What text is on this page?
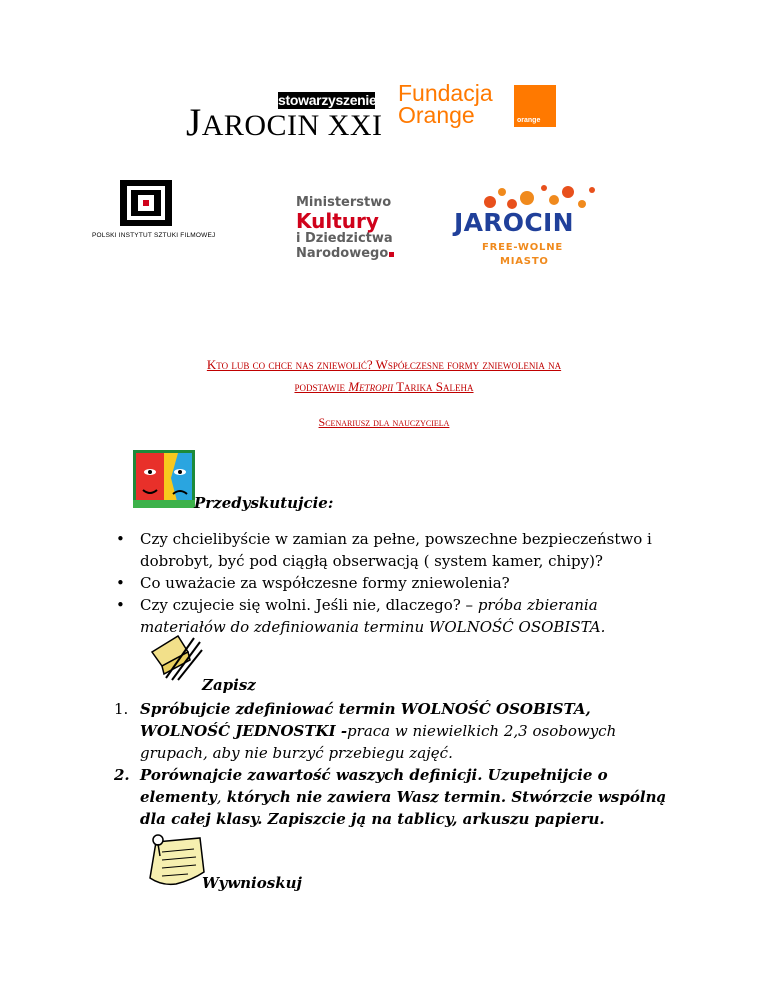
stowarzyszenie
JAROCIN XXI
Fundacja
Orange	orange
POLSKI INSTYTUT SZTUKI FILMOWEJ
Ministerstwo
Kultury
i Dziedzictwa
Narodowego
JAROCIN
FREE-WOLNE
MIASTO
Kto lub co chce nas zniewolić? Współczesne formy zniewolenia na
podstawie Metropii Tarika Saleha
Scenariusz dla nauczyciela
Przedyskutujcie:
• Czy chcielibyście w zamian za pełne, powszechne bezpieczeństwo i dobrobyt, być pod ciągłą obserwacją ( system kamer, chipy)?
• Co uważacie za współczesne formy zniewolenia?
• Czy czujecie się wolni. Jeśli nie, dlaczego? – próba zbierania materiałów do zdefiniowania terminu WOLNOŚĆ OSOBISTA.
Zapisz
1. Spróbujcie zdefiniować termin WOLNOŚĆ OSOBISTA, WOLNOŚĆ JEDNOSTKI -praca w niewielkich 2,3 osobowych grupach, aby nie burzyć przebiegu zajęć.
2. Porównajcie zawartość waszych definicji. Uzupełnijcie o elementy, których nie zawiera Wasz termin. Stwórzcie wspólną dla całej klasy. Zapiszcie ją na tablicy, arkuszu papieru.
Wywnioskuj
